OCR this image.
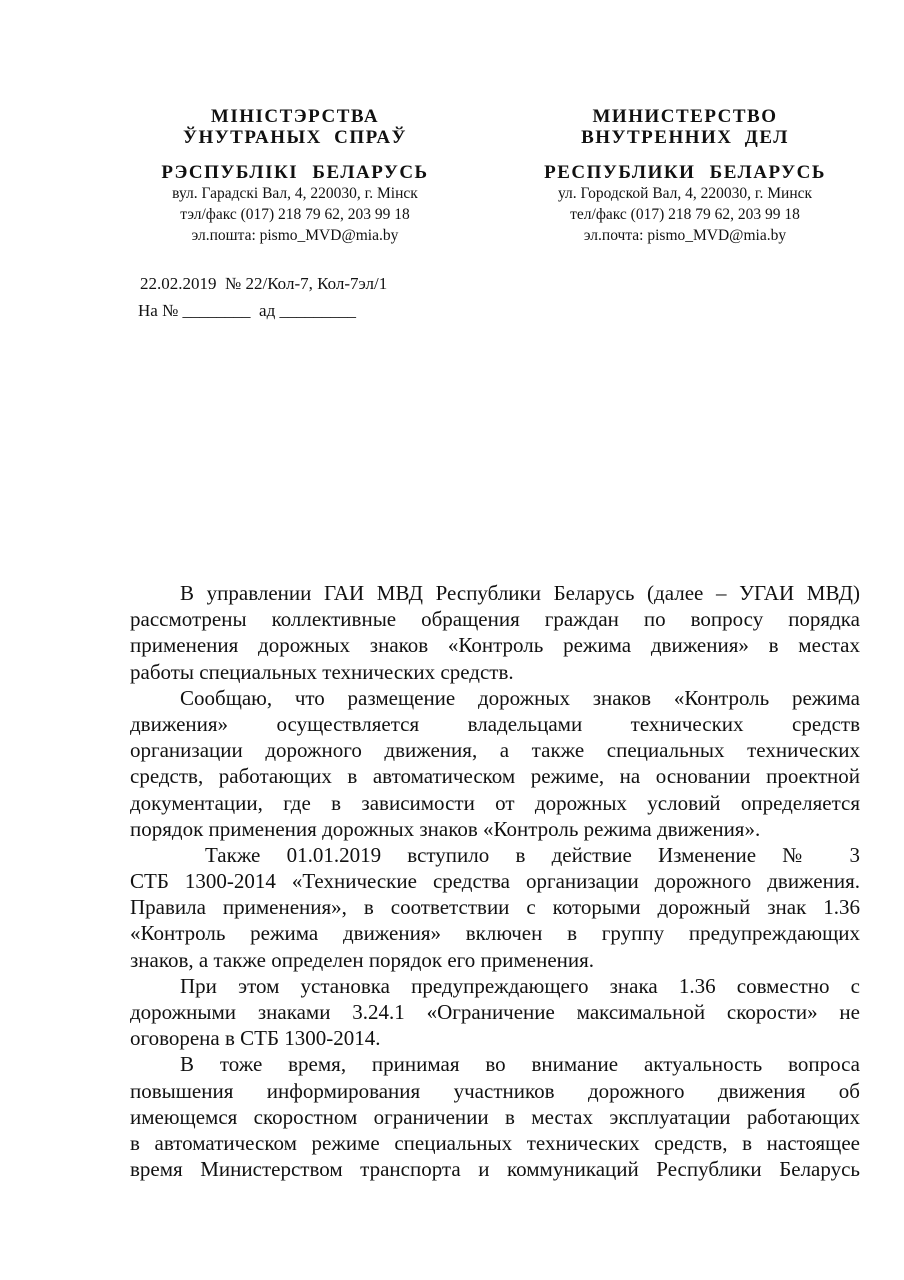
МІНІСТЭРСТВА
ЎНУТРАНЫХ СПРАЎ
РЭСПУБЛІКІ БЕЛАРУСЬ
вул. Гарадскі Вал, 4, 220030, г. Мінск
тэл/факс (017) 218 79 62, 203 99 18
эл.пошта: pismo_MVD@mia.by
МИНИСТЕРСТВО
ВНУТРЕННИХ ДЕЛ
РЕСПУБЛИКИ БЕЛАРУСЬ
ул. Городской Вал, 4, 220030, г. Минск
тел/факс (017) 218 79 62, 203 99 18
эл.почта: pismo_MVD@mia.by
22.02.2019  № 22/Кол-7, Кол-7эл/1
На № ________  ад _________
В управлении ГАИ МВД Республики Беларусь (далее – УГАИ МВД)
рассмотрены коллективные обращения граждан по вопросу порядка
применения дорожных знаков «Контроль режима движения» в местах
работы специальных технических средств.
Сообщаю, что размещение дорожных знаков «Контроль режима
движения» осуществляется владельцами технических средств
организации дорожного движения, а также специальных технических
средств, работающих в автоматическом режиме, на основании проектной
документации, где в зависимости от дорожных условий определяется
порядок применения дорожных знаков «Контроль режима движения».
Также 01.01.2019 вступило в действие Изменение № 3
СТБ 1300-2014 «Технические средства организации дорожного движения.
Правила применения», в соответствии с которыми дорожный знак 1.36
«Контроль режима движения» включен в группу предупреждающих
знаков, а также определен порядок его применения.
При этом установка предупреждающего знака 1.36 совместно с
дорожными знаками 3.24.1 «Ограничение максимальной скорости» не
оговорена в СТБ 1300-2014.
В тоже время, принимая во внимание актуальность вопроса
повышения информирования участников дорожного движения об
имеющемся скоростном ограничении в местах эксплуатации работающих
в автоматическом режиме специальных технических средств, в настоящее
время Министерством транспорта и коммуникаций Республики Беларусь
